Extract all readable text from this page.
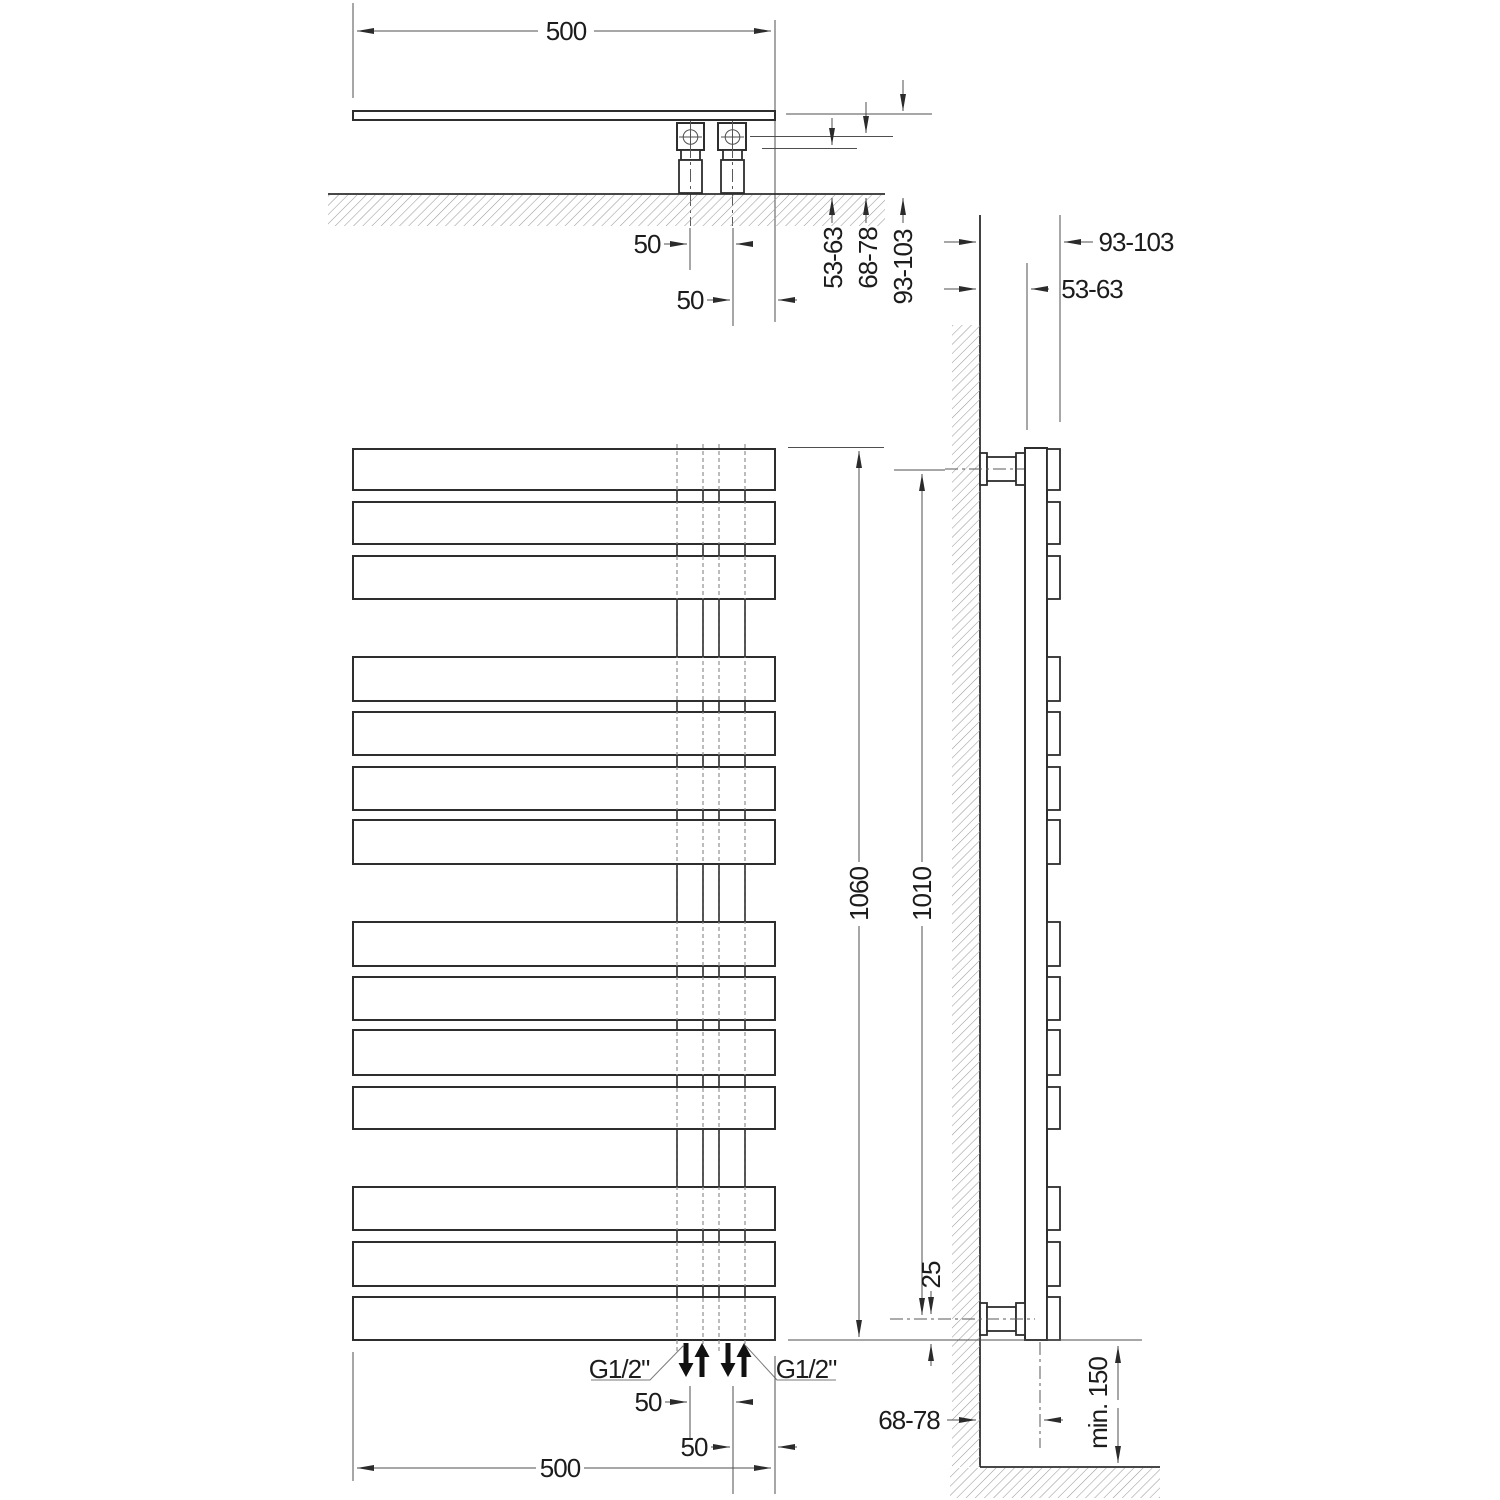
500
50
50
53-63 68-78 93-103	93-103
53-63
1060 1010
G1/2"	G1/2"
50
50
500
25
68-78	min. 150
